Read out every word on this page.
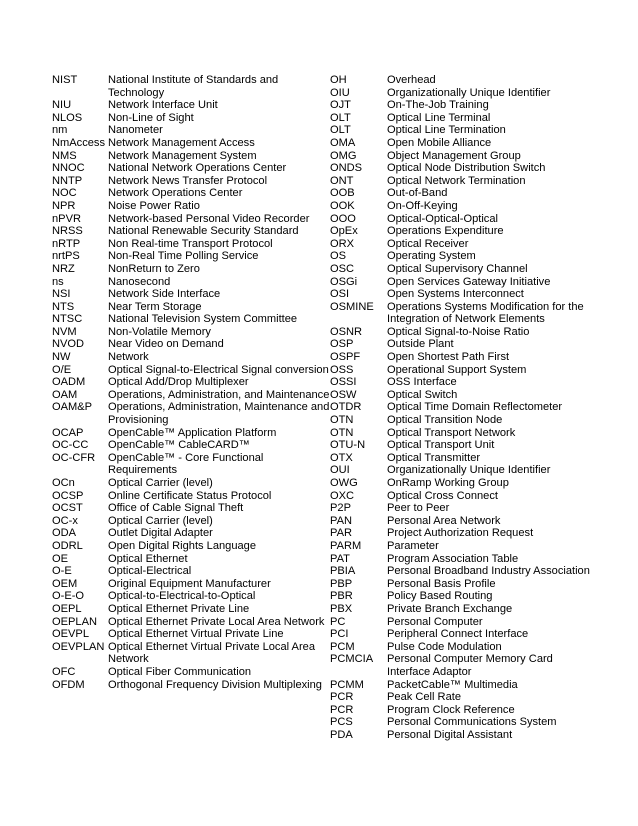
NIST	National Institute of Standards and Technology
NIU	Network Interface Unit
NLOS	Non-Line of Sight
nm	Nanometer
NmAccess Network Management Access
NMS	Network Management System
NNOC	National Network Operations Center
NNTP	Network News Transfer Protocol
NOC	Network Operations Center
NPR	Noise Power Ratio
nPVR	Network-based Personal Video Recorder
NRSS	National Renewable Security Standard
nRTP	Non Real-time Transport Protocol
nrtPS	Non-Real Time Polling Service
NRZ	NonReturn to Zero
ns	Nanosecond
NSI	Network Side Interface
NTS	Near Term Storage
NTSC	National Television System Committee
NVM	Non-Volatile Memory
NVOD	Near Video on Demand
NW	Network
O/E	Optical Signal-to-Electrical Signal conversion
OADM	Optical Add/Drop Multiplexer
OAM	Operations, Administration, and Maintenance
OAM&P	Operations, Administration, Maintenance and Provisioning
OCAP	OpenCable™ Application Platform
OC-CC	OpenCable™ CableCARD™
OC-CFR	OpenCable™ - Core Functional Requirements
OCn	Optical Carrier (level)
OCSP	Online Certificate Status Protocol
OCST	Office of Cable Signal Theft
OC-x	Optical Carrier (level)
ODA	Outlet Digital Adapter
ODRL	Open Digital Rights Language
OE	Optical Ethernet
O-E	Optical-Electrical
OEM	Original Equipment Manufacturer
O-E-O	Optical-to-Electrical-to-Optical
OEPL	Optical Ethernet Private Line
OEPLAN Optical Ethernet Private Local Area Network
OEVPL	Optical Ethernet Virtual Private Line
OEVPLAN Optical Ethernet Virtual Private Local Area Network
OFC	Optical Fiber Communication
OFDM	Orthogonal Frequency Division Multiplexing
OH	Overhead
OIU	Organizationally Unique Identifier
OJT	On-The-Job Training
OLT	Optical Line Terminal
OLT	Optical Line Termination
OMA	Open Mobile Alliance
OMG	Object Management Group
ONDS	Optical Node Distribution Switch
ONT	Optical Network Termination
OOB	Out-of-Band
OOK	On-Off-Keying
OOO	Optical-Optical-Optical
OpEx	Operations Expenditure
ORX	Optical Receiver
OS	Operating System
OSC	Optical Supervisory Channel
OSGi	Open Services Gateway Initiative
OSI	Open Systems Interconnect
OSMINE	Operations Systems Modification for the Integration of Network Elements
OSNR	Optical Signal-to-Noise Ratio
OSP	Outside Plant
OSPF	Open Shortest Path First
OSS	Operational Support System
OSSI	OSS Interface
OSW	Optical Switch
OTDR	Optical Time Domain Reflectometer
OTN	Optical Transition Node
OTN	Optical Transport Network
OTU-N	Optical Transport Unit
OTX	Optical Transmitter
OUI	Organizationally Unique Identifier
OWG	OnRamp Working Group
OXC	Optical Cross Connect
P2P	Peer to Peer
PAN	Personal Area Network
PAR	Project Authorization Request
PARM	Parameter
PAT	Program Association Table
PBIA	Personal Broadband Industry Association
PBP	Personal Basis Profile
PBR	Policy Based Routing
PBX	Private Branch Exchange
PC	Personal Computer
PCI	Peripheral Connect Interface
PCM	Pulse Code Modulation
PCMCIA	Personal Computer Memory Card Interface Adaptor
PCMM	PacketCable™ Multimedia
PCR	Peak Cell Rate
PCR	Program Clock Reference
PCS	Personal Communications System
PDA	Personal Digital Assistant
